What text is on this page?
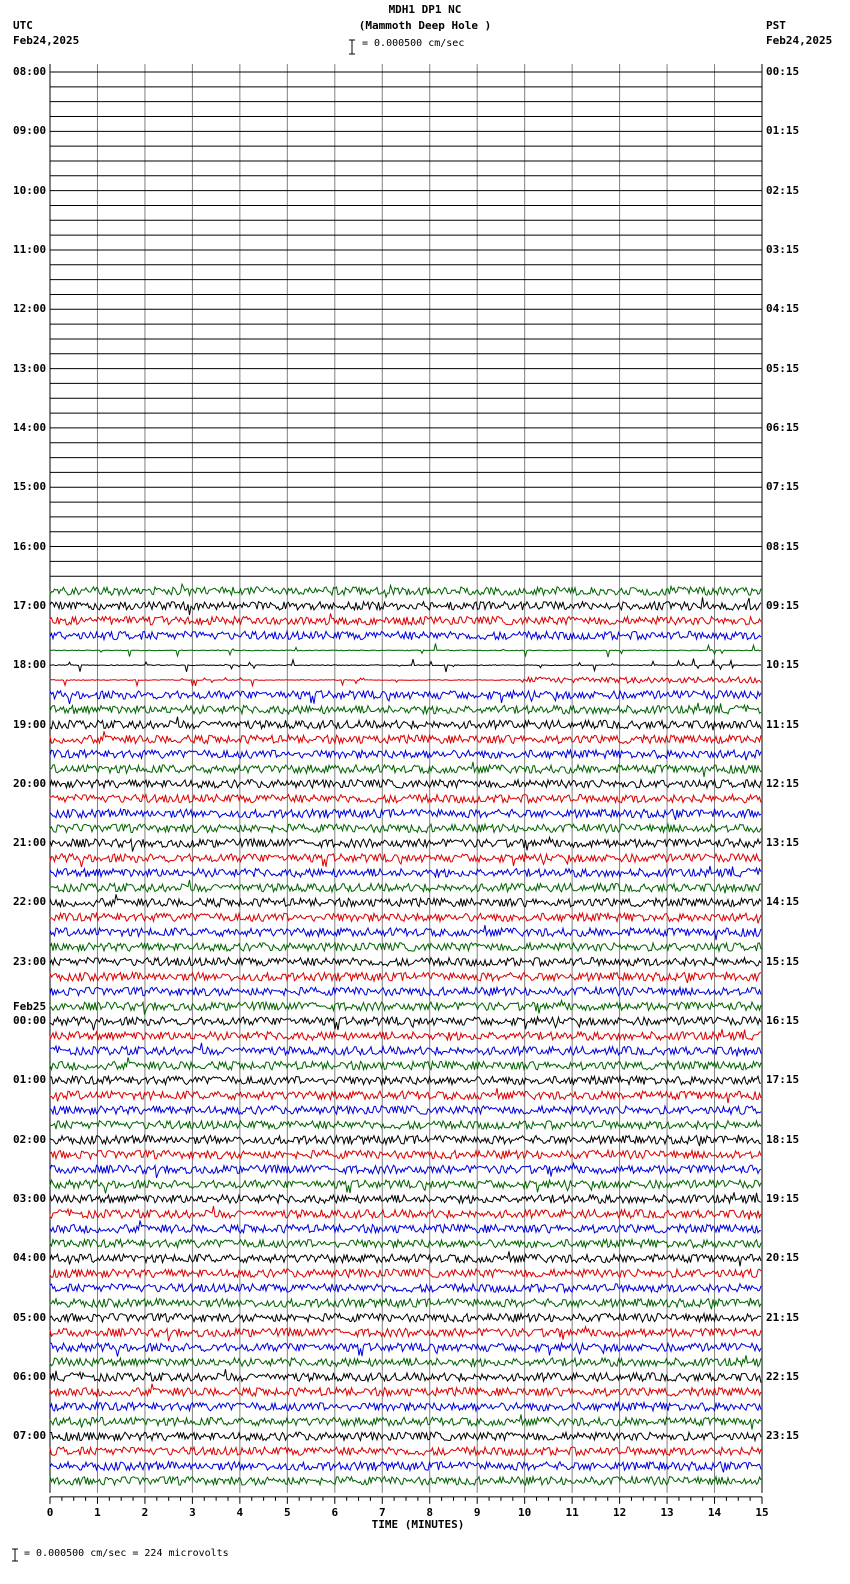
0	1	2	3	4	5	6	7	8	9	10	11	12	13	14	15
TIME (MINUTES)
MDH1 DP1 NC
(Mammoth Deep Hole )
= 0.000500 cm/sec
UTC
Feb24,2025
PST
Feb24,2025
08:00
09:00
10:00
11:00
12:00
13:00
14:00
15:00
16:00
17:00
18:00
19:00
20:00
21:00
22:00
23:00
00:00
Feb25
01:00
02:00
03:00
04:00
05:00
06:00
07:00
00:15
01:15
02:15
03:15
04:15
05:15
06:15
07:15
08:15
09:15
10:15
11:15
12:15
13:15
14:15
15:15
16:15
17:15
18:15
19:15
20:15
21:15
22:15
23:15
= 0.000500 cm/sec = 224 microvolts
